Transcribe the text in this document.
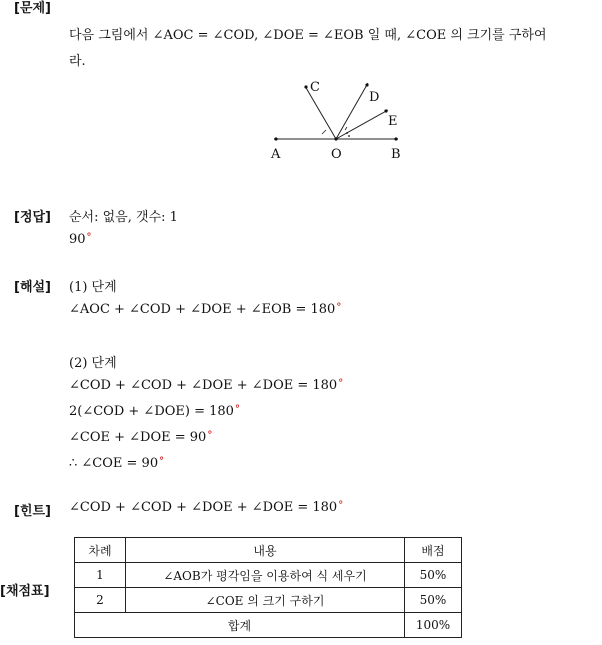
[문제]
다음 그림에서 ∠AOC = ∠COD, ∠DOE = ∠EOB 일 때, ∠COE 의 크기를 구하여
라.
A	O	B
C
D
E
[정답] 순서: 없음, 갯수: 1
90°
[해설] (1) 단계
∠AOC + ∠COD + ∠DOE + ∠EOB = 180°
(2) 단계
∠COD + ∠COD + ∠DOE + ∠DOE = 180°
2(∠COD + ∠DOE) = 180°
∠COE + ∠DOE = 90°
∴ ∠COE = 90°
[힌트] ∠COD + ∠COD + ∠DOE + ∠DOE = 180°
[채점표]
차례	내용	배점
1	∠AOB가 평각임을 이용하여 식 세우기	50%
2	∠COE 의 크기 구하기	50%
합계		100%
